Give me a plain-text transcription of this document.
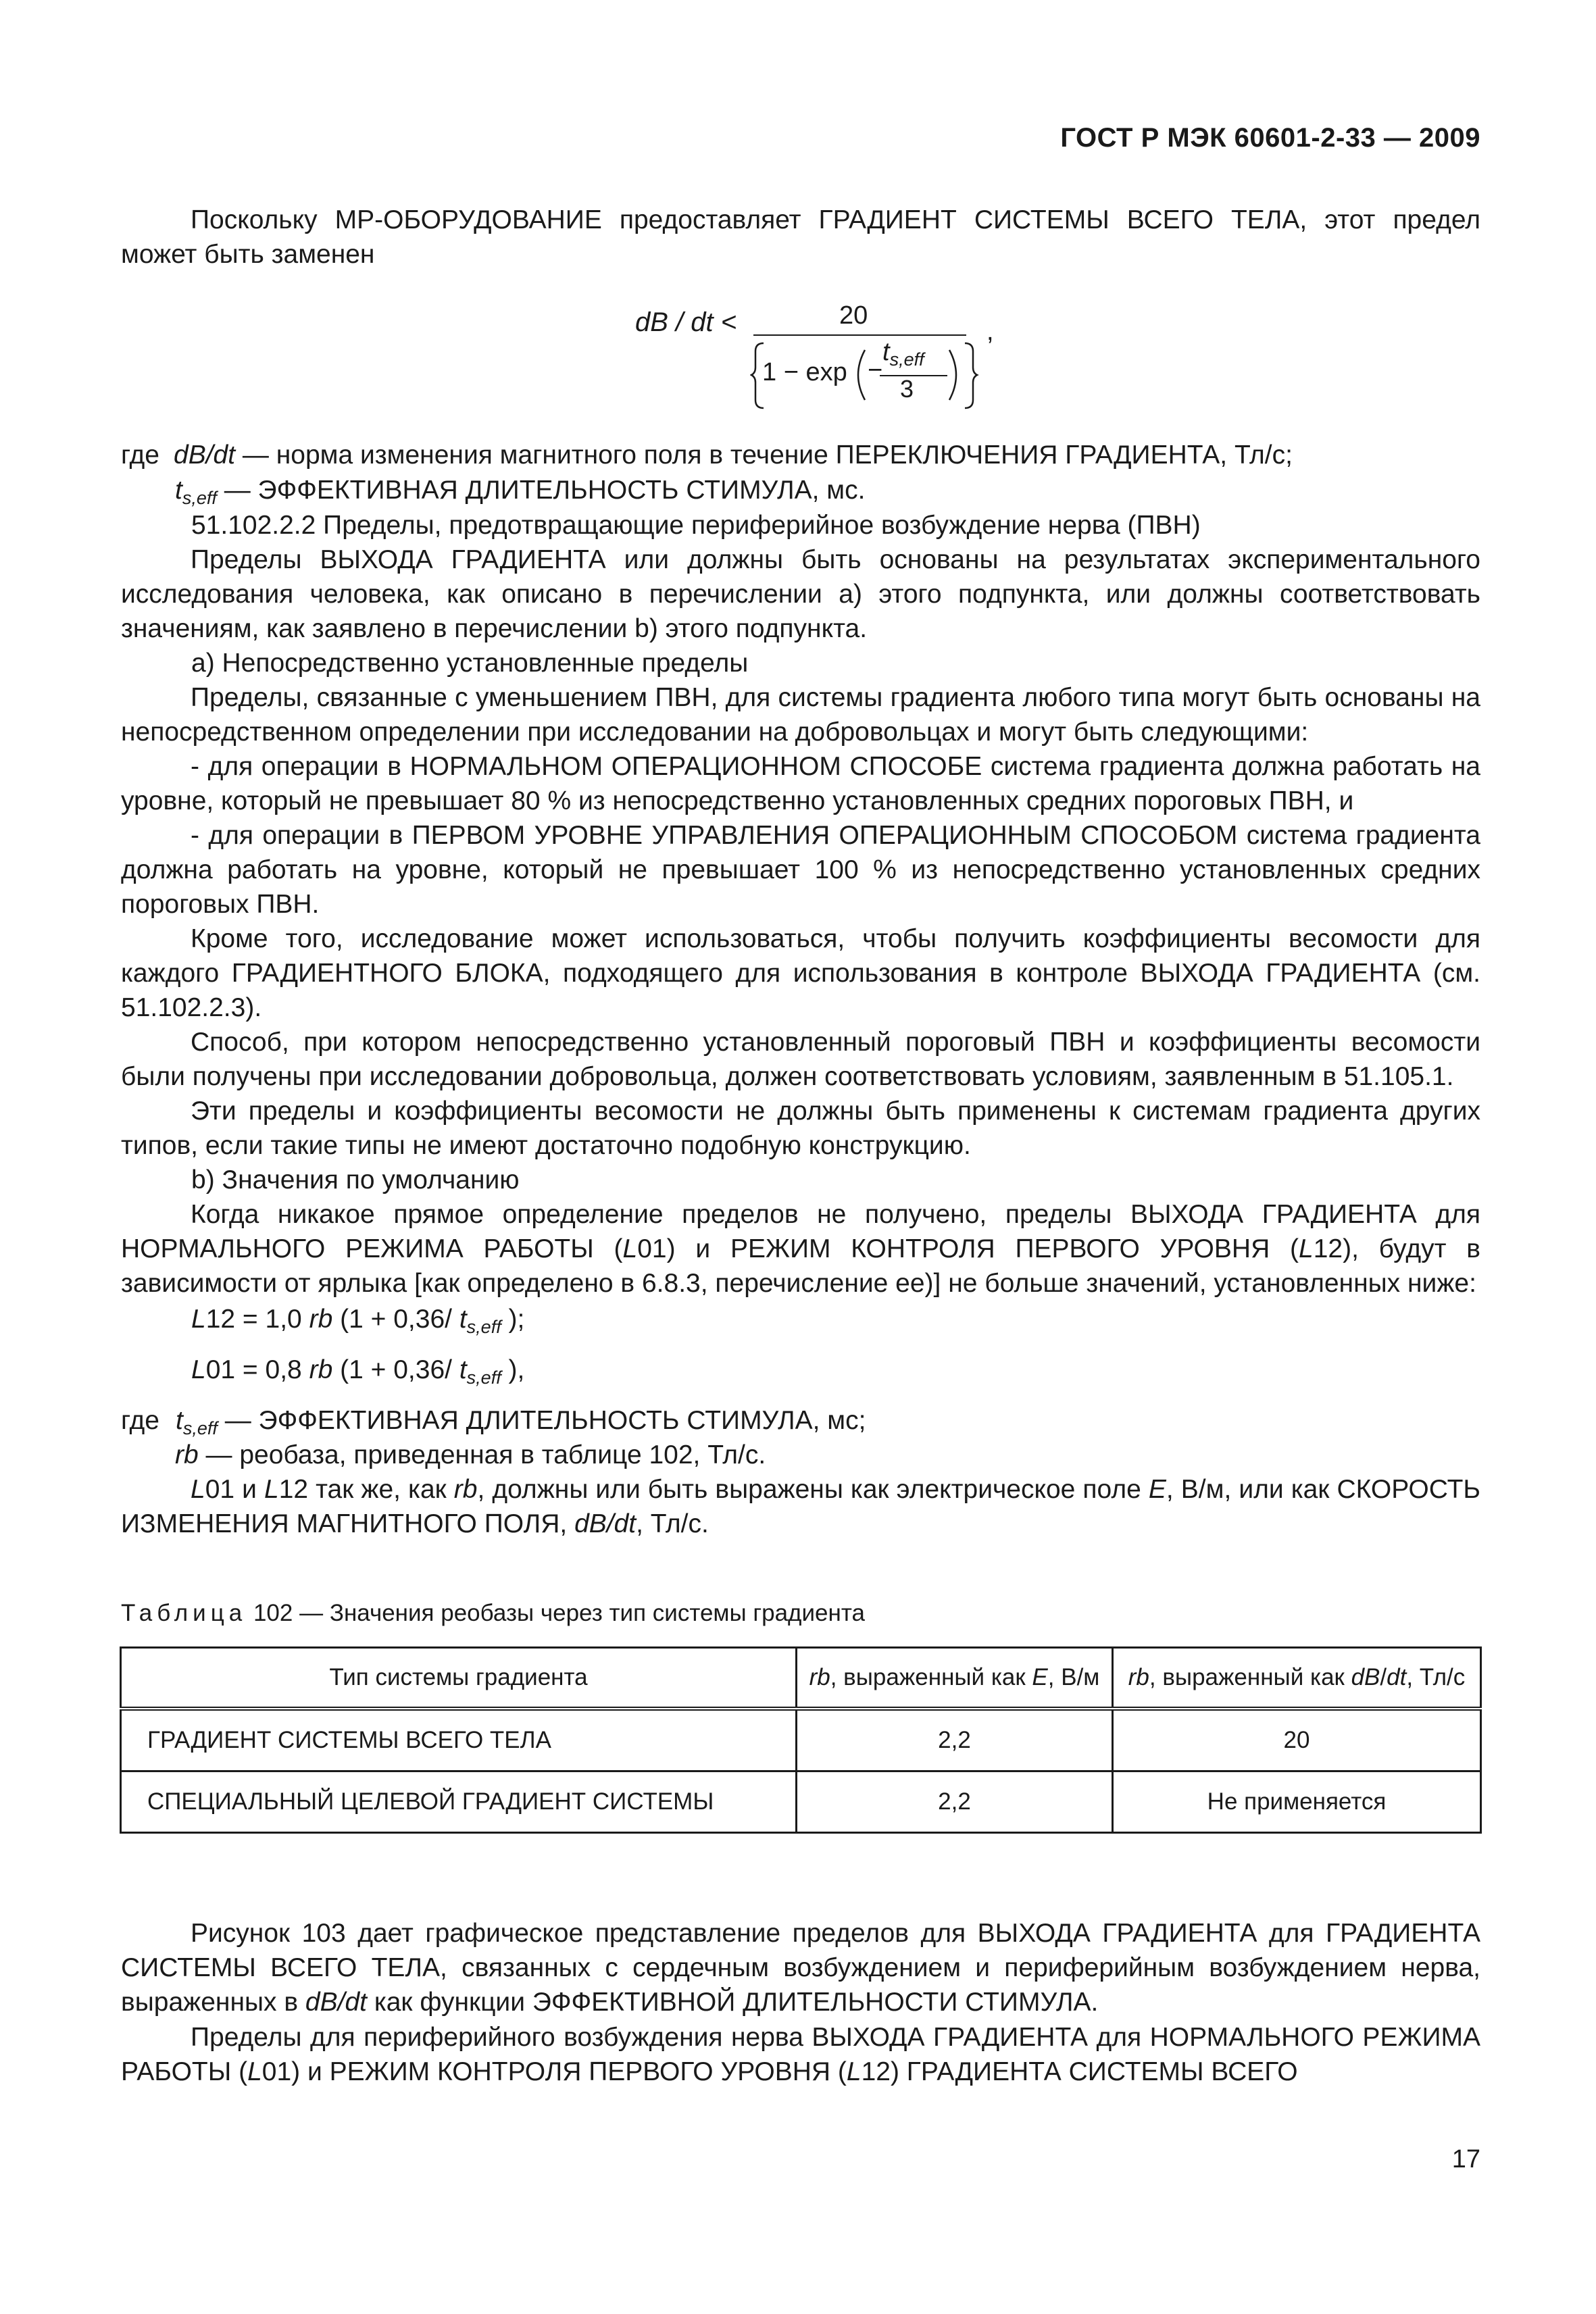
ГОСТ Р МЭК 60601-2-33 — 2009
Поскольку МР-ОБОРУДОВАНИЕ предоставляет ГРАДИЕНТ СИСТЕМЫ ВСЕГО ТЕЛА, этот предел может быть заменен
dB / dt <	20
1 − exp −
$t_{s,eff}$
3
,
где dB/dt — норма изменения магнитного поля в течение ПЕРЕКЛЮЧЕНИЯ ГРАДИЕНТА, Тл/с;
$t_{s,eff}$ — ЭФФЕКТИВНАЯ ДЛИТЕЛЬНОСТЬ СТИМУЛА, мс.
51.102.2.2 Пределы, предотвращающие периферийное возбуждение нерва (ПВН)
Пределы ВЫХОДА ГРАДИЕНТА или должны быть основаны на результатах экспериментального исследования человека, как описано в перечислении а) этого подпункта, или должны соответствовать значениям, как заявлено в перечислении b) этого подпункта.
а) Непосредственно установленные пределы
Пределы, связанные с уменьшением ПВН, для системы градиента любого типа могут быть основаны на непосредственном определении при исследовании на добровольцах и могут быть следующими:
- для операции в НОРМАЛЬНОМ ОПЕРАЦИОННОМ СПОСОБЕ система градиента должна работать на уровне, который не превышает 80 % из непосредственно установленных средних пороговых ПВН, и
- для операции в ПЕРВОМ УРОВНЕ УПРАВЛЕНИЯ ОПЕРАЦИОННЫМ СПОСОБОМ система градиента должна работать на уровне, который не превышает 100 % из непосредственно установленных средних пороговых ПВН.
Кроме того, исследование может использоваться, чтобы получить коэффициенты весомости для каждого ГРАДИЕНТНОГО БЛОКА, подходящего для использования в контроле ВЫХОДА ГРАДИЕНТА (см. 51.102.2.3).
Способ, при котором непосредственно установленный пороговый ПВН и коэффициенты весомости были получены при исследовании добровольца, должен соответствовать условиям, заявленным в 51.105.1.
Эти пределы и коэффициенты весомости не должны быть применены к системам градиента других типов, если такие типы не имеют достаточно подобную конструкцию.
b) Значения по умолчанию
Когда никакое прямое определение пределов не получено, пределы ВЫХОДА ГРАДИЕНТА для НОРМАЛЬНОГО РЕЖИМА РАБОТЫ (L01) и РЕЖИМ КОНТРОЛЯ ПЕРВОГО УРОВНЯ (L12), будут в зависимости от ярлыка [как определено в 6.8.3, перечисление ее)] не больше значений, установленных ниже:
L12 = 1,0 rb (1 + 0,36/ $t_{s,eff}$ );
L01 = 0,8 rb (1 + 0,36/ $t_{s,eff}$ ),
где $t_{s,eff}$ — ЭФФЕКТИВНАЯ ДЛИТЕЛЬНОСТЬ СТИМУЛА, мс;
rb — реобаза, приведенная в таблице 102, Тл/с.
L01 и L12 так же, как rb, должны или быть выражены как электрическое поле E, В/м, или как СКОРОСТЬ ИЗМЕНЕНИЯ МАГНИТНОГО ПОЛЯ, dB/dt, Тл/с.
Таблица 102 — Значения реобазы через тип системы градиента
Тип системы градиента	rb, выраженный как E, В/м	rb, выраженный как dB/dt, Тл/с
ГРАДИЕНТ СИСТЕМЫ ВСЕГО ТЕЛА	2,2	20
СПЕЦИАЛЬНЫЙ ЦЕЛЕВОЙ ГРАДИЕНТ СИСТЕМЫ	2,2	Не применяется
Рисунок 103 дает графическое представление пределов для ВЫХОДА ГРАДИЕНТА для ГРАДИЕНТА СИСТЕМЫ ВСЕГО ТЕЛА, связанных с сердечным возбуждением и периферийным возбуждением нерва, выраженных в dB/dt как функции ЭФФЕКТИВНОЙ ДЛИТЕЛЬНОСТИ СТИМУЛА.
Пределы для периферийного возбуждения нерва ВЫХОДА ГРАДИЕНТА для НОРМАЛЬНОГО РЕЖИМА РАБОТЫ (L01) и РЕЖИМ КОНТРОЛЯ ПЕРВОГО УРОВНЯ (L12) ГРАДИЕНТА СИСТЕМЫ ВСЕГО
17
